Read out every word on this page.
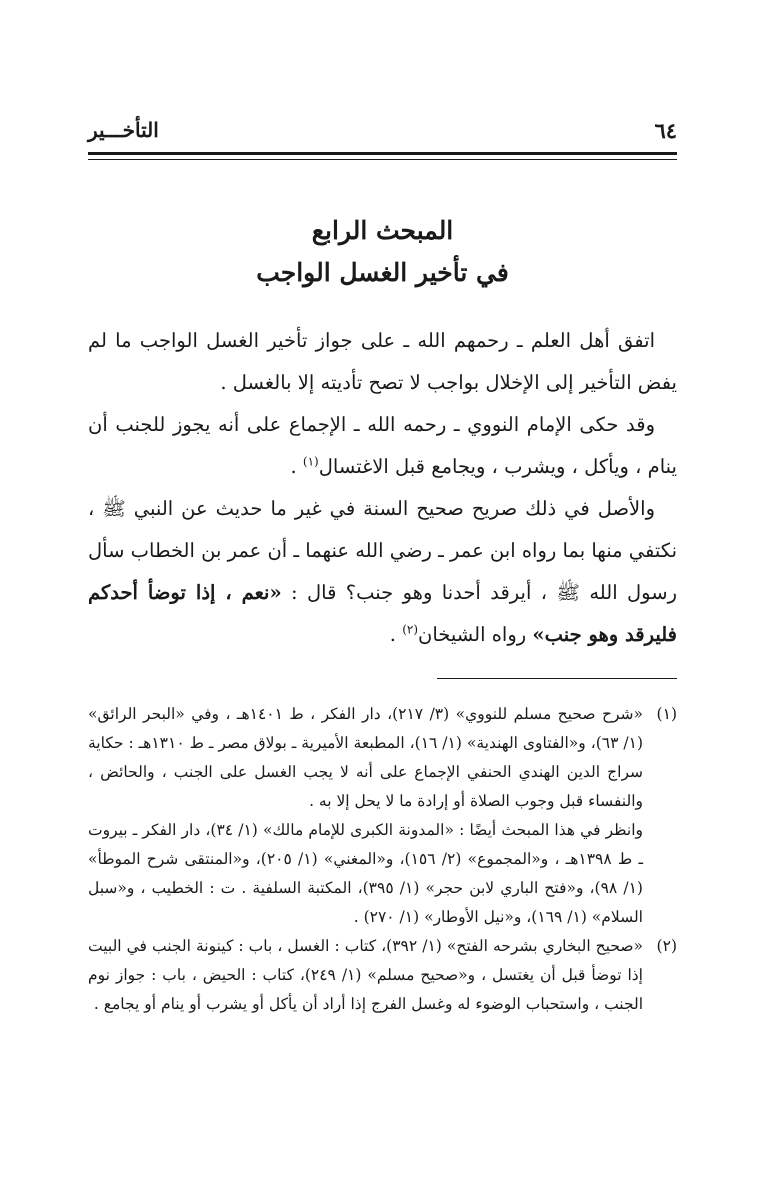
٦٤
التأخـــير
المبحث الرابع
في تأخير الغسل الواجب

اتفق أهل العلم ـ رحمهم الله ـ على جواز تأخير الغسل الواجب ما لم يفض التأخير إلى الإخلال بواجب لا تصح تأديته إلا بالغسل .

وقد حكى الإمام النووي ـ رحمه الله ـ الإجماع على أنه يجوز للجنب أن ينام ، ويأكل ، ويشرب ، ويجامع قبل الاغتسال$^{(١)}$ .

والأصل في ذلك صريح صحيح السنة في غير ما حديث عن النبي ﷺ ، نكتفي منها بما رواه ابن عمر ـ رضي الله عنهما ـ أن عمر بن الخطاب سأل رسول الله ﷺ ، أيرقد أحدنا وهو جنب؟ قال : «نعم ، إذا توضأ أحدكم فليرقد وهو جنب» رواه الشيخان$^{(٢)}$ .

(١)

«شرح صحيح مسلم للنووي» (٣/ ٢١٧)، دار الفكر ، ط ١٤٠١هـ ، وفي «البحر الرائق» (١/ ٦٣)، و«الفتاوى الهندية» (١/ ١٦)، المطبعة الأميرية ـ بولاق مصر ـ ط ١٣١٠هـ : حكاية سراج الدين الهندي الحنفي الإجماع على أنه لا يجب الغسل على الجنب ، والحائض ، والنفساء قبل وجوب الصلاة أو إرادة ما لا يحل إلا به .

وانظر في هذا المبحث أيضًا : «المدونة الكبرى للإمام مالك» (١/ ٣٤)، دار الفكر ـ بيروت ـ ط ١٣٩٨هـ ، و«المجموع» (٢/ ١٥٦)، و«المغني» (١/ ٢٠٥)، و«المنتقى شرح الموطأ» (١/ ٩٨)، و«فتح الباري لابن حجر» (١/ ٣٩٥)، المكتبة السلفية . ت : الخطيب ، و«سبل السلام» (١/ ١٦٩)، و«نيل الأوطار» (١/ ٢٧٠) .

(٢)

«صحيح البخاري بشرحه الفتح» (١/ ٣٩٢)، كتاب : الغسل ، باب : كينونة الجنب في البيت إذا توضأ قبل أن يغتسل ، و«صحيح مسلم» (١/ ٢٤٩)، كتاب : الحيض ، باب : جواز نوم الجنب ، واستحباب الوضوء له وغسل الفرج إذا أراد أن يأكل أو يشرب أو ينام أو يجامع .
